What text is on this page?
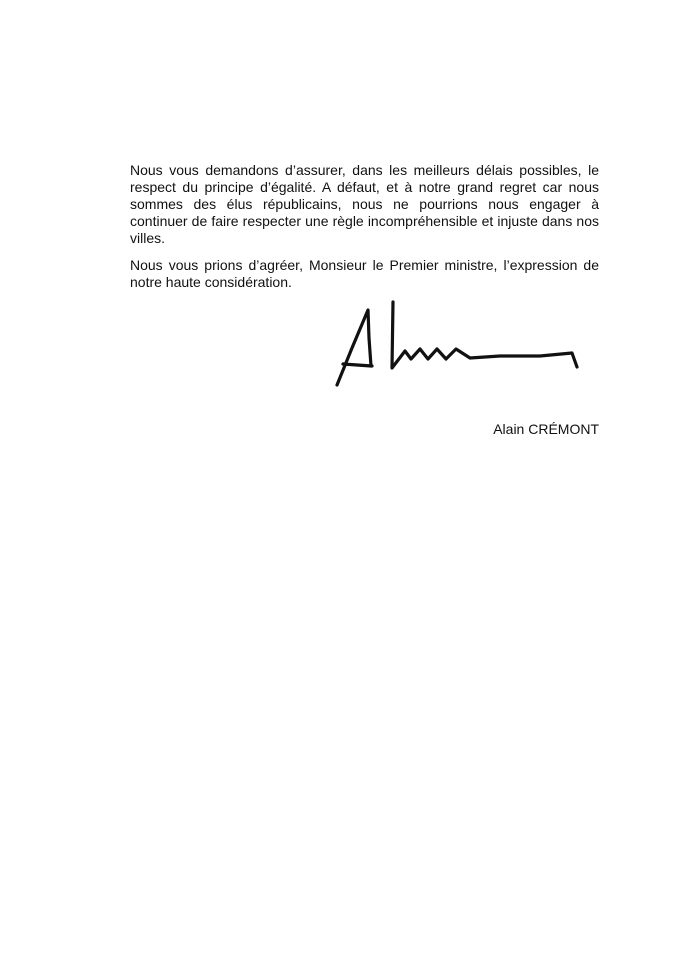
Nous vous demandons d’assurer, dans les meilleurs délais possibles, le respect du principe d’égalité. A défaut, et à notre grand regret car nous sommes des élus républicains, nous ne pourrions nous engager à continuer de faire respecter une règle incompréhensible et injuste dans nos villes.

Nous vous prions d’agréer, Monsieur le Premier ministre, l’expression de notre haute considération.

Alain CRÉMONT
